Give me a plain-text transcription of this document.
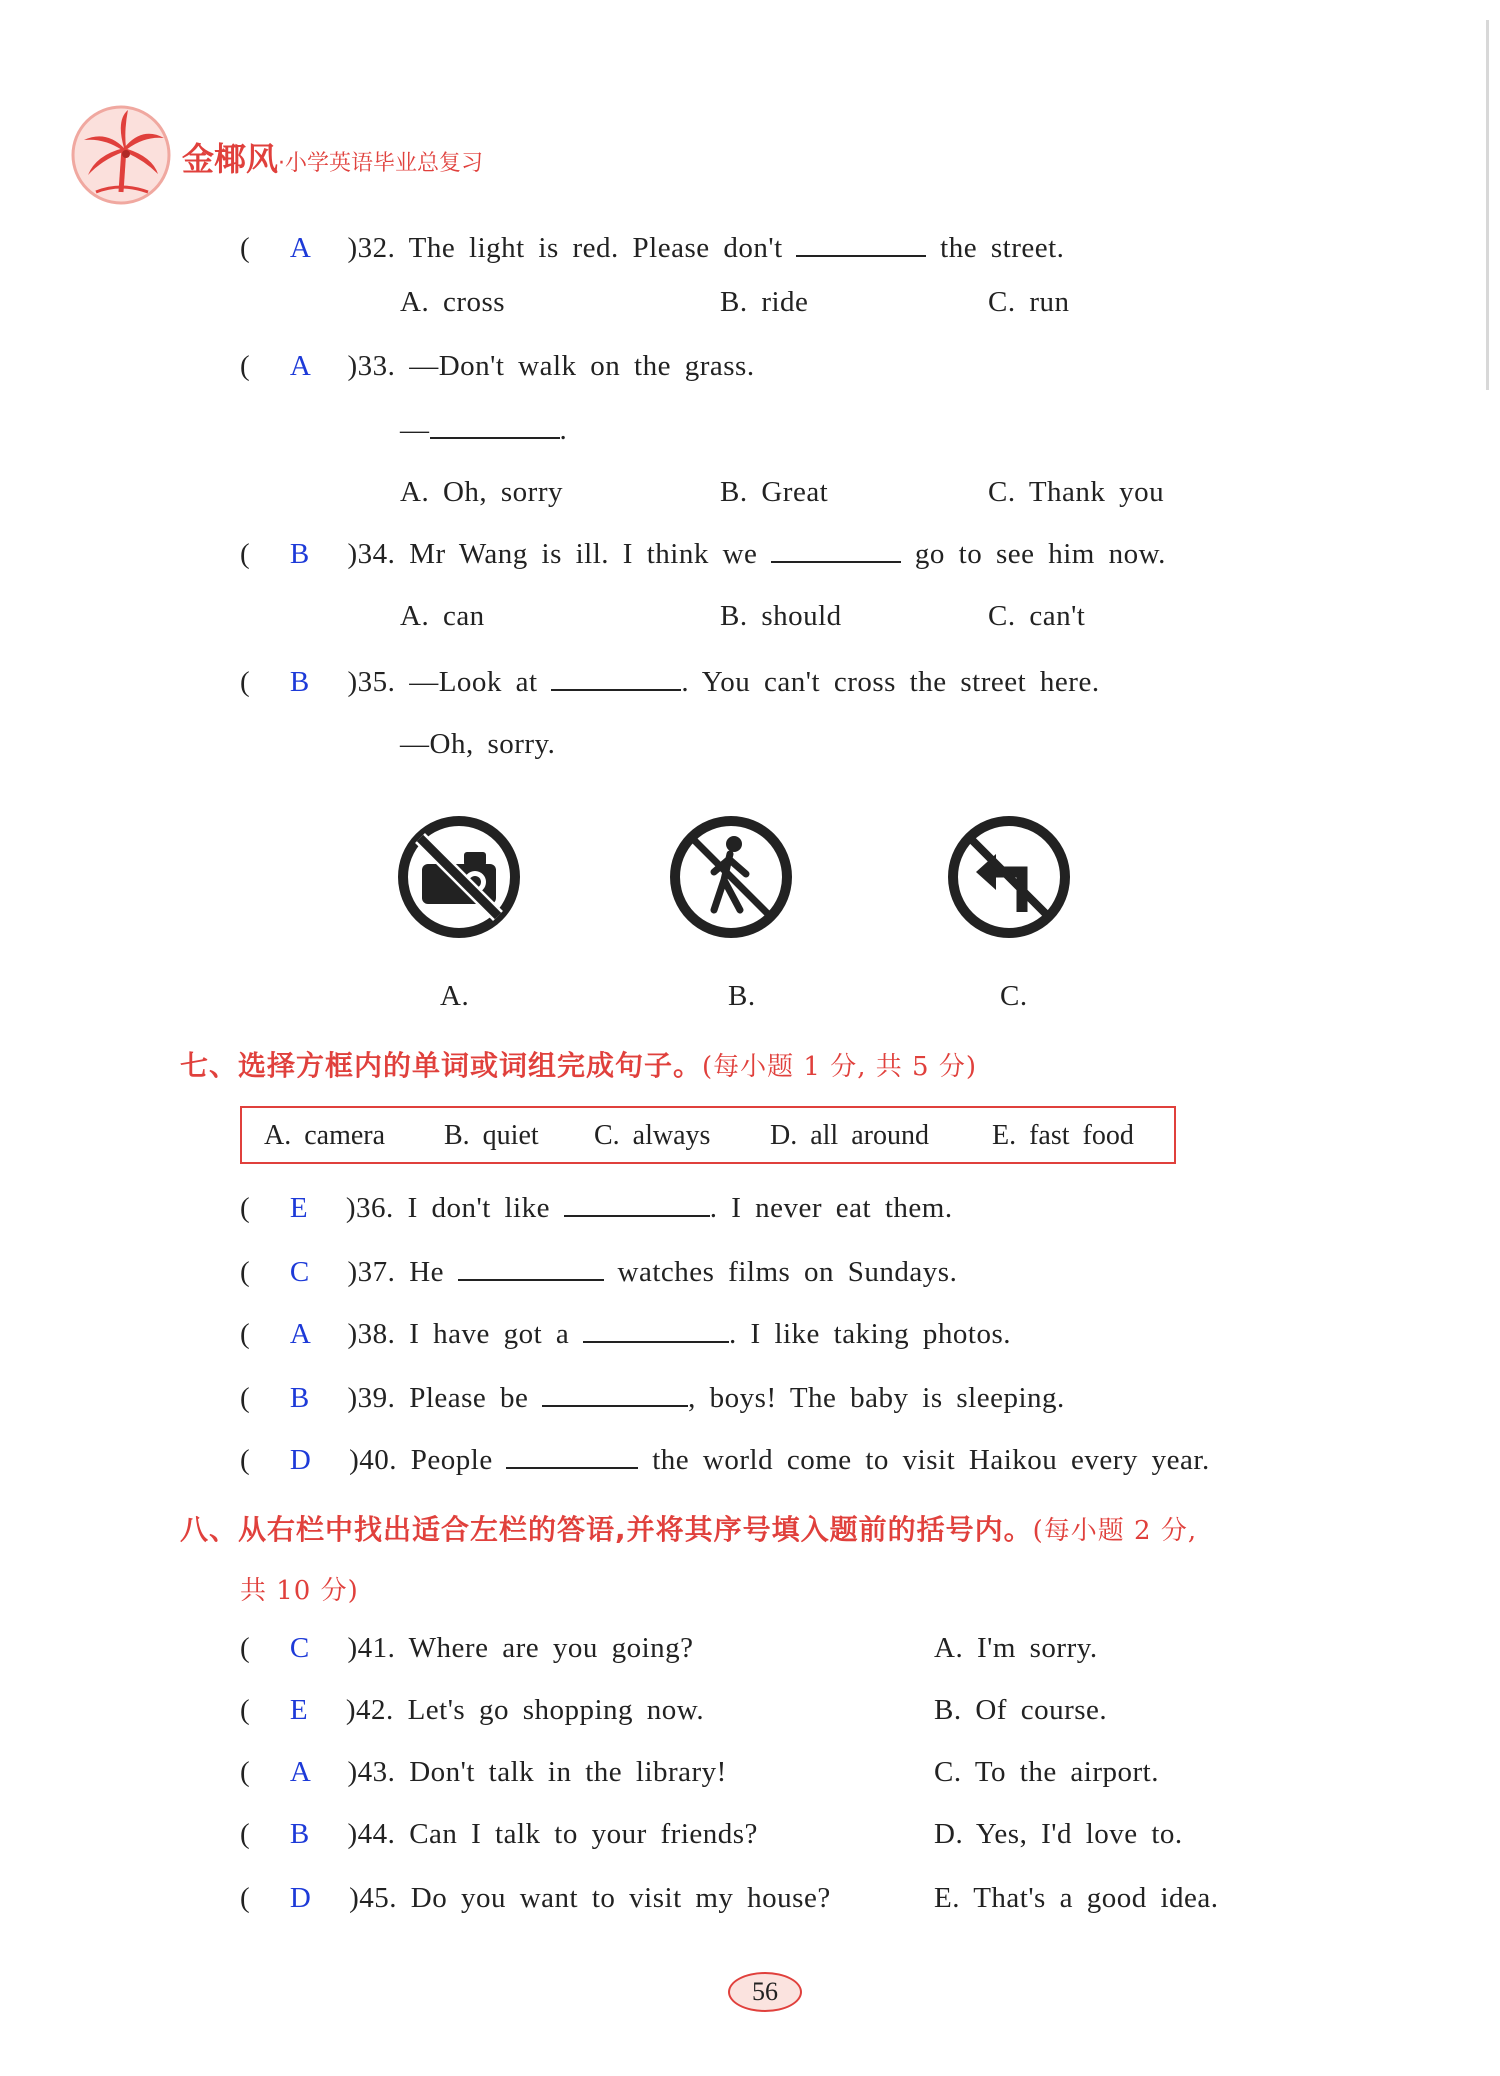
金椰风·小学英语毕业总复习
( A )32. The light is red. Please don't	the street.
A. cross	B. ride	C. run
( A )33. —Don't walk on the grass.
—	.
A. Oh, sorry	B. Great	C. Thank you
( B )34. Mr Wang is ill. I think we	go to see him now.
A. can	B. should	C. can't
( B )35. —Look at	. You can't cross the street here.
—Oh, sorry.
A.	B.	C.
七、选择方框内的单词或词组完成句子。(每小题 1 分, 共 5 分)
A. camera B. quiet C. always D. all around E. fast food
( E )36. I don't like	. I never eat them.
( C )37. He	watches films on Sundays.
( A )38. I have got a	. I like taking photos.
( B )39. Please be	, boys! The baby is sleeping.
( D )40. People	the world come to visit Haikou every year.
八、从右栏中找出适合左栏的答语,并将其序号填入题前的括号内。(每小题 2 分,
共 10 分)
( C )41. Where are you going?	A. I'm sorry.
( E )42. Let's go shopping now.	B. Of course.
( A )43. Don't talk in the library!	C. To the airport.
( B )44. Can I talk to your friends?	D. Yes, I'd love to.
( D )45. Do you want to visit my house?	E. That's a good idea.
56
